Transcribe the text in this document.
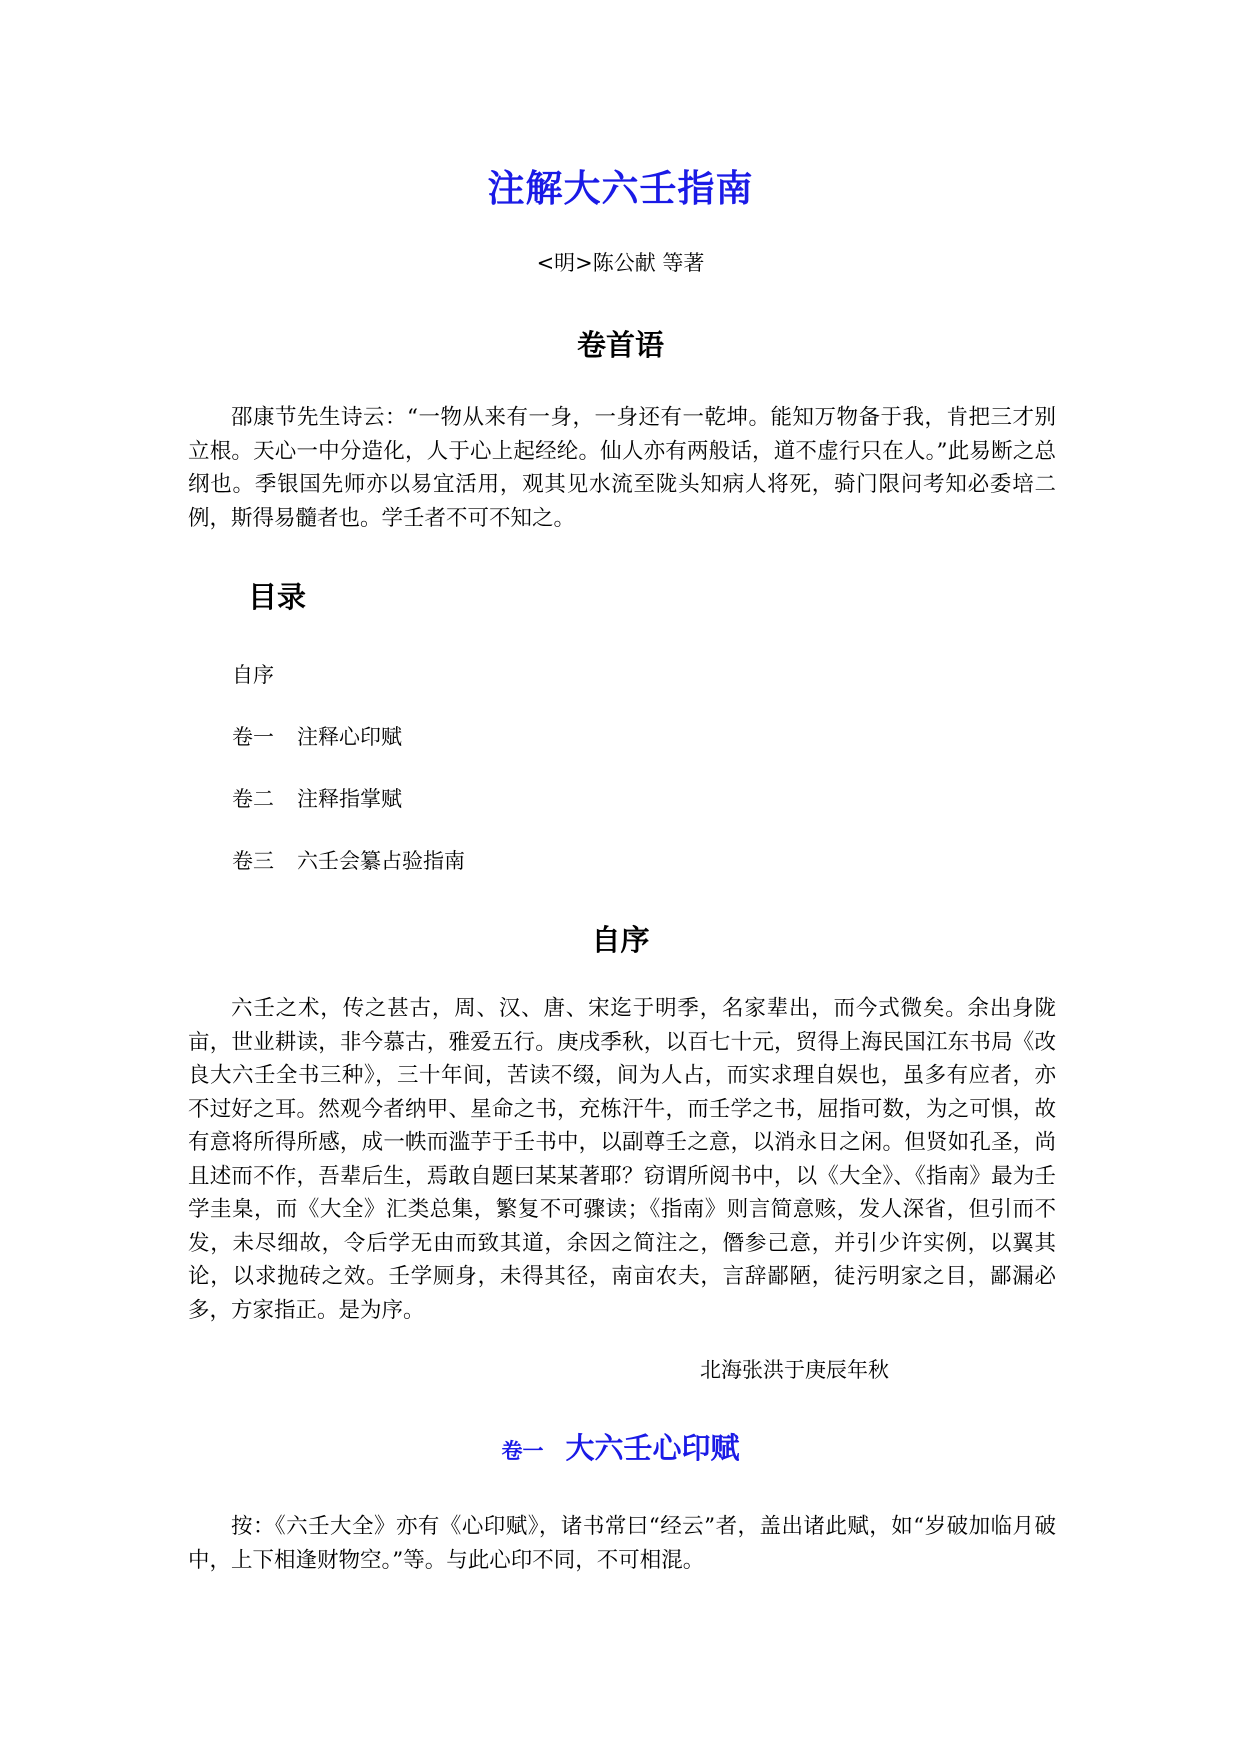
注解大六壬指南
<明>陈公献 等著
卷首语

邵康节先生诗云：“一物从来有一身，一身还有一乾坤。能知万物备于我，肯把三才别立根。天心一中分造化，人于心上起经纶。仙人亦有两般话，道不虚行只在人。”此易断之总纲也。季银国先师亦以易宜活用，观其见水流至陇头知病人将死，骑门限问考知必委培二例，斯得易髓者也。学壬者不可不知之。

目录
自序
卷一 注释心印赋
卷二 注释指掌赋
卷三 六壬会纂占验指南
自序

六壬之术，传之甚古，周、汉、唐、宋迄于明季，名家辈出，而今式微矣。余出身陇亩，世业耕读，非今慕古，雅爱五行。庚戌季秋，以百七十元，贸得上海民国江东书局《改良大六壬全书三种》，三十年间，苦读不缀，间为人占，而实求理自娱也，虽多有应者，亦不过好之耳。然观今者纳甲、星命之书，充栋汗牛，而壬学之书，屈指可数，为之可惧，故有意将所得所感，成一帙而滥芋于壬书中，以副尊壬之意，以消永日之闲。但贤如孔圣，尚且述而不作，吾辈后生，焉敢自题曰某某著耶？窃谓所阅书中，以《大全》、《指南》最为壬学圭臬，而《大全》汇类总集，繁复不可骤读；《指南》则言简意赅，发人深省，但引而不发，未尽细故，令后学无由而致其道，余因之简注之，僭参己意，并引少许实例，以翼其论，以求抛砖之效。壬学厕身，未得其径，南亩农夫，言辞鄙陋，徒污明家之目，鄙漏必多，方家指正。是为序。

北海张洪于庚辰年秋
卷一 大六壬心印赋

按：《六壬大全》亦有《心印赋》，诸书常曰“经云”者，盖出诸此赋，如“岁破加临月破中，上下相逢财物空。”等。与此心印不同，不可相混。
